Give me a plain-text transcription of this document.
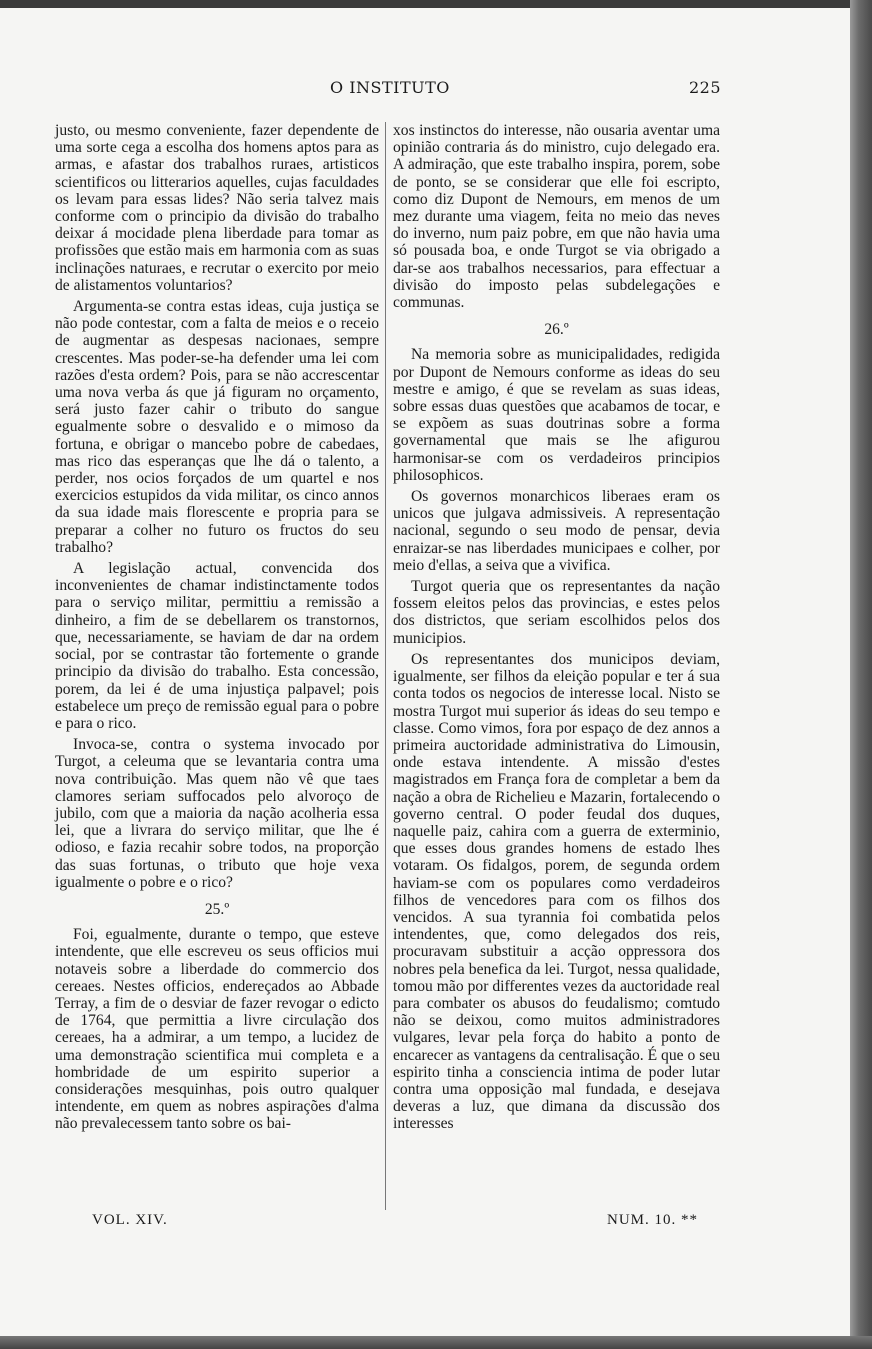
O INSTITUTO	225

justo, ou mesmo conveniente, fazer dependente de uma sorte cega a escolha dos homens aptos para as armas, e afastar dos trabalhos ruraes, artisticos scientificos ou litterarios aquelles, cujas faculdades os levam para essas lides? Não seria talvez mais conforme com o principio da divisão do trabalho deixar á mocidade plena liberdade para tomar as profissões que estão mais em harmonia com as suas inclinações naturaes, e recrutar o exercito por meio de alistamentos voluntarios?

Argumenta-se contra estas ideas, cuja justiça se não pode contestar, com a falta de meios e o receio de augmentar as despesas nacionaes, sempre crescentes. Mas poder-se-ha defender uma lei com razões d'esta ordem? Pois, para se não accrescentar uma nova verba ás que já figuram no orçamento, será justo fazer cahir o tributo do sangue egualmente sobre o desvalido e o mimoso da fortuna, e obrigar o mancebo pobre de cabedaes, mas rico das esperanças que lhe dá o talento, a perder, nos ocios forçados de um quartel e nos exercicios estupidos da vida militar, os cinco annos da sua idade mais florescente e propria para se preparar a colher no futuro os fructos do seu trabalho?

A legislação actual, convencida dos inconvenientes de chamar indistinctamente todos para o serviço militar, permittiu a remissão a dinheiro, a fim de se debellarem os transtornos, que, necessariamente, se haviam de dar na ordem social, por se contrastar tão fortemente o grande principio da divisão do trabalho. Esta concessão, porem, da lei é de uma injustiça palpavel; pois estabelece um preço de remissão egual para o pobre e para o rico.

Invoca-se, contra o systema invocado por Turgot, a celeuma que se levantaria contra uma nova contribuição. Mas quem não vê que taes clamores seriam suffocados pelo alvoroço de jubilo, com que a maioria da nação acolheria essa lei, que a livrara do serviço militar, que lhe é odioso, e fazia recahir sobre todos, na proporção das suas fortunas, o tributo que hoje vexa igualmente o pobre e o rico?

25.º

Foi, egualmente, durante o tempo, que esteve intendente, que elle escreveu os seus officios mui notaveis sobre a liberdade do commercio dos cereaes. Nestes officios, endereçados ao Abbade Terray, a fim de o desviar de fazer revogar o edicto de 1764, que permittia a livre circulação dos cereaes, ha a admirar, a um tempo, a lucidez de uma demonstração scientifica mui completa e a hombridade de um espirito superior a considerações mesquinhas, pois outro qualquer intendente, em quem as nobres aspirações d'alma não prevalecessem tanto sobre os bai-

xos instinctos do interesse, não ousaria aventar uma opinião contraria ás do ministro, cujo delegado era. A admiração, que este trabalho inspira, porem, sobe de ponto, se se considerar que elle foi escripto, como diz Dupont de Nemours, em menos de um mez durante uma viagem, feita no meio das neves do inverno, num paiz pobre, em que não havia uma só pousada boa, e onde Turgot se via obrigado a dar-se aos trabalhos necessarios, para effectuar a divisão do imposto pelas subdelegações e communas.

26.º

Na memoria sobre as municipalidades, redigida por Dupont de Nemours conforme as ideas do seu mestre e amigo, é que se revelam as suas ideas, sobre essas duas questões que acabamos de tocar, e se expõem as suas doutrinas sobre a forma governamental que mais se lhe afigurou harmonisar-se com os verdadeiros principios philosophicos.

Os governos monarchicos liberaes eram os unicos que julgava admissiveis. A representação nacional, segundo o seu modo de pensar, devia enraizar-se nas liberdades municipaes e colher, por meio d'ellas, a seiva que a vivifica.

Turgot queria que os representantes da nação fossem eleitos pelos das provincias, e estes pelos dos districtos, que seriam escolhidos pelos dos municipios.

Os representantes dos municipos deviam, igualmente, ser filhos da eleição popular e ter á sua conta todos os negocios de interesse local. Nisto se mostra Turgot mui superior ás ideas do seu tempo e classe. Como vimos, fora por espaço de dez annos a primeira auctoridade administrativa do Limousin, onde estava intendente. A missão d'estes magistrados em França fora de completar a bem da nação a obra de Richelieu e Mazarin, fortalecendo o governo central. O poder feudal dos duques, naquelle paiz, cahira com a guerra de exterminio, que esses dous grandes homens de estado lhes votaram. Os fidalgos, porem, de segunda ordem haviam-se com os populares como verdadeiros filhos de vencedores para com os filhos dos vencidos. A sua tyrannia foi combatida pelos intendentes, que, como delegados dos reis, procuravam substituir a acção oppressora dos nobres pela benefica da lei. Turgot, nessa qualidade, tomou mão por differentes vezes da auctoridade real para combater os abusos do feudalismo; comtudo não se deixou, como muitos administradores vulgares, levar pela força do habito a ponto de encarecer as vantagens da centralisação. É que o seu espirito tinha a consciencia intima de poder lutar contra uma opposição mal fundada, e desejava deveras a luz, que dimana da discussão dos interesses

VOL. XIV.	NUM. 10. **
